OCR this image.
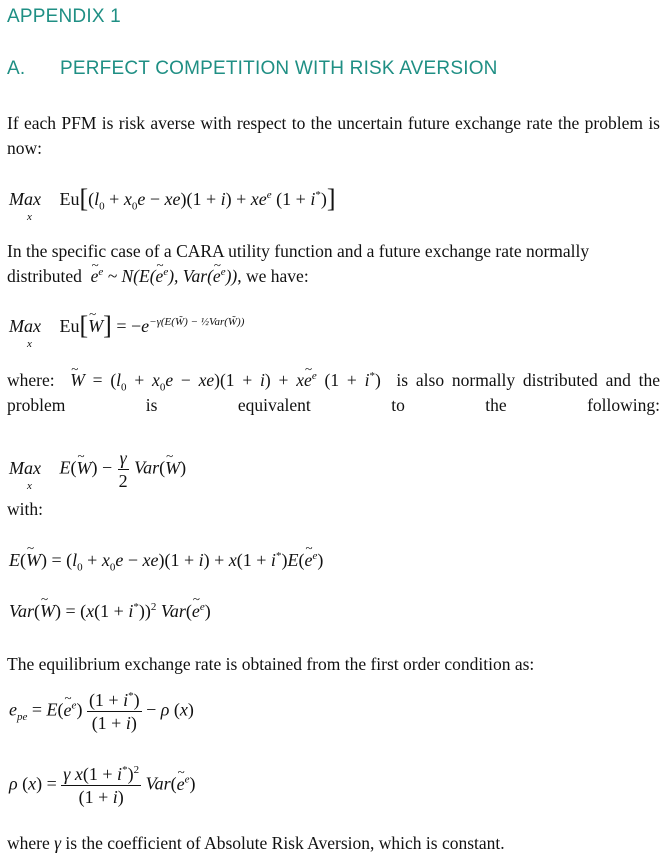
APPENDIX 1
A. PERFECT COMPETITION WITH RISK AVERSION

If each PFM is risk averse with respect to the uncertain future exchange rate the problem is now:

Max
x
$Eu[(l_0 + x_0e - xe)(1 + i) + xe^e$ (1 + i*)]

In the specific case of a CARA utility function and a future exchange rate normally
distributed ~ $e^e$ ~ N(E(~ $e^e$), Var(~ $e^e$)), we have:

Max
x
Eu[~ $W] = -e^{-\gamma(E(W̃) - \frac{1}{2}Var(W̃))}$

where: ~ $W = (l_0 + x_0e - xe)(1 + i)$ + x~ $e^e$ (1 + i*)  is also normally distributed and the
problem is equivalent to the following:

Max
x
E(~ $W) - \frac{\gamma}{2}$ Var(~ W)

with:

E(~ $W) = (l_0 + x_0e - xe)(1 + i) + x(1$ + i*)E(~ $e^e$)
Var(~ $W) = (x(1 + i^*))^2$ Var(~ $e^e$)

The equilibrium exchange rate is obtained from the first order condition as:

$e_{pe}$ = E(~ $e^e) \frac{(1 + i^*)}{(1 + i)} - \rho$ (x)
ρ $(x) = \frac{\gamma x(1 + i^*)^2}{(1 + i)}$ Var(~ $e^e$)

where γ is the coefficient of Absolute Risk Aversion, which is constant.
